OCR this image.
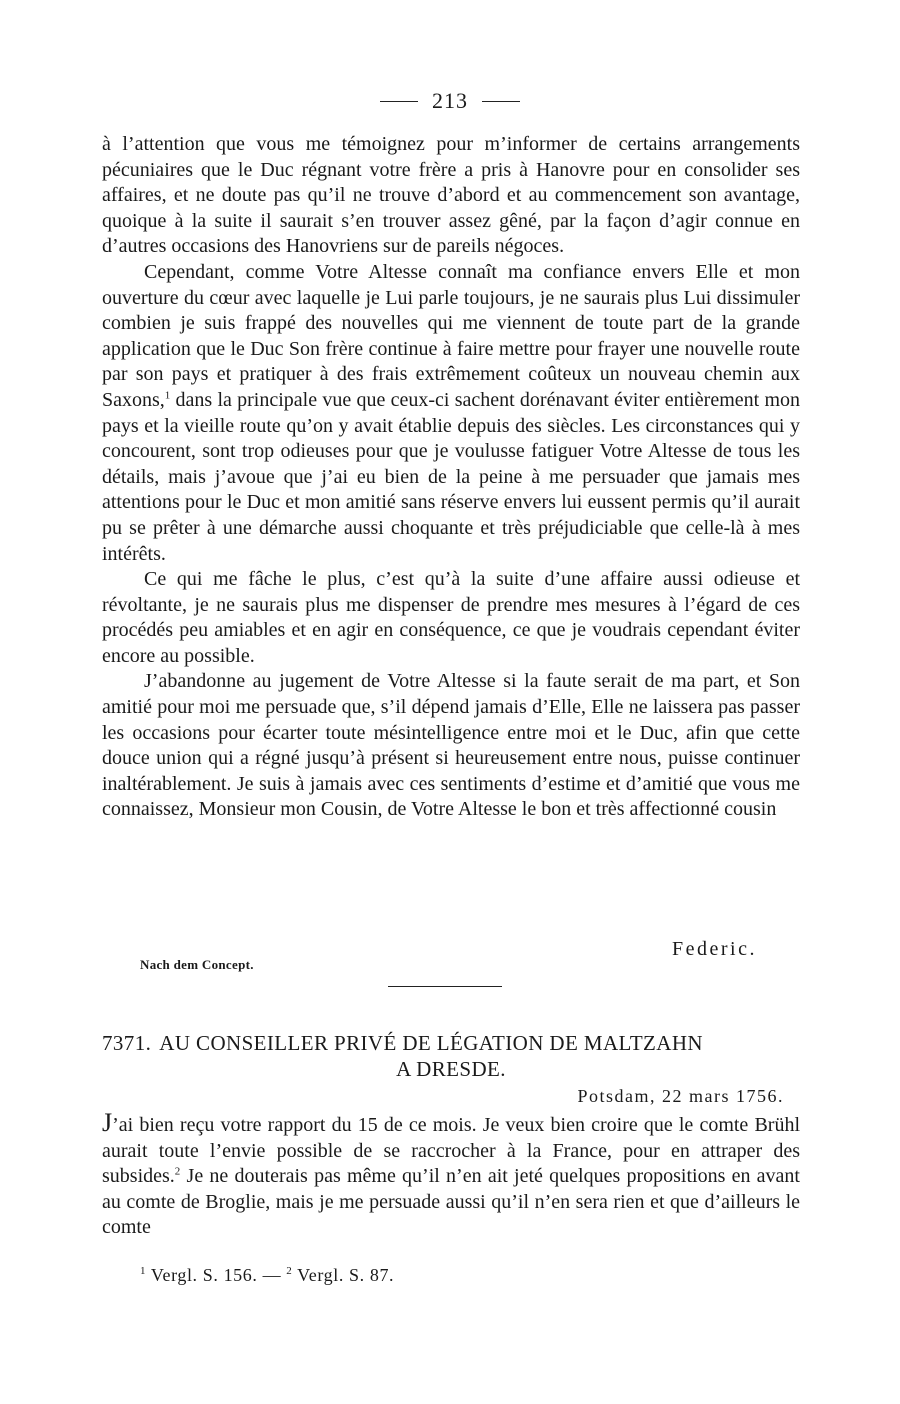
213

à l’attention que vous me témoignez pour m’informer de certains arrangements pécuniaires que le Duc régnant votre frère a pris à Hanovre pour en consolider ses affaires, et ne doute pas qu’il ne trouve d’abord et au commencement son avantage, quoique à la suite il saurait s’en trouver assez gêné, par la façon d’agir connue en d’autres occasions des Hanovriens sur de pareils négoces.

Cependant, comme Votre Altesse connaît ma confiance envers Elle et mon ouverture du cœur avec laquelle je Lui parle toujours, je ne saurais plus Lui dissimuler combien je suis frappé des nouvelles qui me viennent de toute part de la grande application que le Duc Son frère continue à faire mettre pour frayer une nouvelle route par son pays et pratiquer à des frais extrêmement coûteux un nouveau chemin aux Saxons,$^1$ dans la principale vue que ceux-ci sachent dorénavant éviter entièrement mon pays et la vieille route qu’on y avait établie depuis des siècles. Les circonstances qui y concourent, sont trop odieuses pour que je voulusse fatiguer Votre Altesse de tous les détails, mais j’avoue que j’ai eu bien de la peine à me persuader que jamais mes attentions pour le Duc et mon amitié sans réserve envers lui eussent permis qu’il aurait pu se prêter à une démarche aussi choquante et très préjudiciable que celle-là à mes intérêts.

Ce qui me fâche le plus, c’est qu’à la suite d’une affaire aussi odieuse et révoltante, je ne saurais plus me dispenser de prendre mes mesures à l’égard de ces procédés peu amiables et en agir en conséquence, ce que je voudrais cependant éviter encore au possible.

J’abandonne au jugement de Votre Altesse si la faute serait de ma part, et Son amitié pour moi me persuade que, s’il dépend jamais d’Elle, Elle ne laissera pas passer les occasions pour écarter toute mésintelligence entre moi et le Duc, afin que cette douce union qui a régné jusqu’à présent si heureusement entre nous, puisse continuer inaltérablement. Je suis à jamais avec ces sentiments d’estime et d’amitié que vous me connaissez, Monsieur mon Cousin, de Votre Altesse le bon et très affectionné cousin

Federic.
Nach dem Concept.
7371. AU CONSEILLER PRIVÉ DE LÉGATION DE MALTZAHN
A DRESDE.
Potsdam, 22 mars 1756.

J’ai bien reçu votre rapport du 15 de ce mois. Je veux bien croire que le comte Brühl aurait toute l’envie possible de se raccrocher à la France, pour en attraper des subsides.$^2$ Je ne douterais pas même qu’il n’en ait jeté quelques propositions en avant au comte de Broglie, mais je me persuade aussi qu’il n’en sera rien et que d’ailleurs le comte

$^1$ Vergl. S. 156. — $^2$ Vergl. S. 87.
